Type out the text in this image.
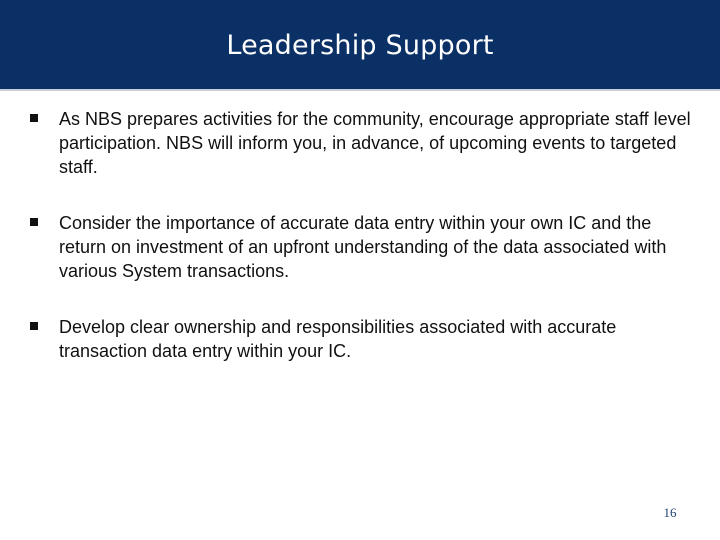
Leadership Support
As NBS prepares activities for the community, encourage appropriate staff level participation. NBS will inform you, in advance, of upcoming events to targeted staff.
Consider the importance of accurate data entry within your own IC and the return on investment of an upfront understanding of the data associated with various System transactions.
Develop clear ownership and responsibilities associated with accurate transaction data entry within your IC.
16
